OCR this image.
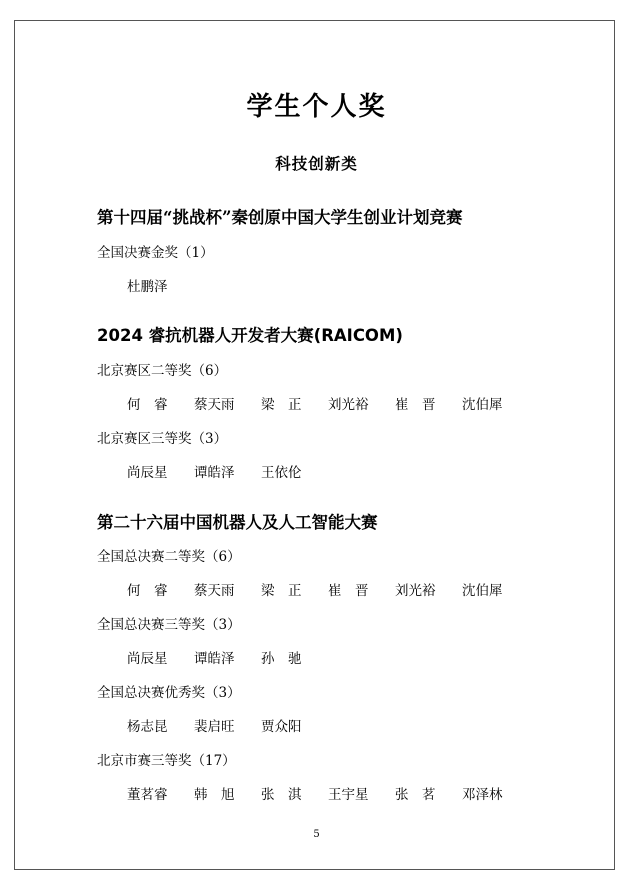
学生个人奖
科技创新类
第十四届“挑战杯”秦创原中国大学生创业计划竞赛
全国决赛金奖（1）
杜鹏泽
2024 睿抗机器人开发者大赛(RAICOM)
北京赛区二等奖（6）
何　睿	蔡天雨	梁　正	刘光裕	崔　晋	沈伯犀
北京赛区三等奖（3）
尚辰星	谭皓泽	王依伦
第二十六届中国机器人及人工智能大赛
全国总决赛二等奖（6）
何　睿	蔡天雨	梁　正	崔　晋	刘光裕	沈伯犀
全国总决赛三等奖（3）
尚辰星	谭皓泽	孙　驰
全国总决赛优秀奖（3）
杨志昆	裴启旺	贾众阳
北京市赛三等奖（17）
董茗睿	韩　旭	张　淇	王宇星	张　茗	邓泽林
5
